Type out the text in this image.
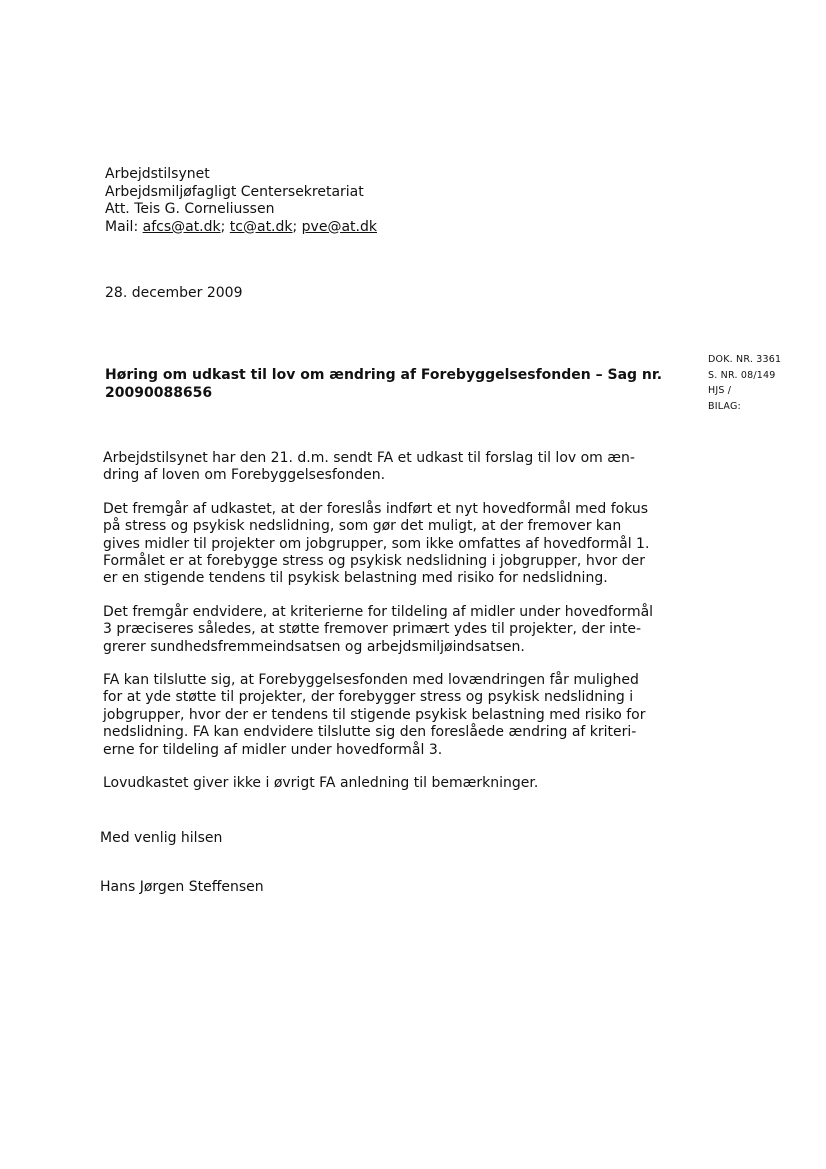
Arbejdstilsynet
Arbejdsmiljøfagligt Centersekretariat
Att. Teis G. Corneliussen
Mail: afcs@at.dk; tc@at.dk; pve@at.dk
28. december 2009
DOK. NR. 3361
S. NR. 08/149
HJS /
BILAG:
Høring om udkast til lov om ændring af Forebyggelsesfonden – Sag nr.
20090088656

Arbejdstilsynet har den 21. d.m. sendt FA et udkast til forslag til lov om æn-
dring af loven om Forebyggelsesfonden.

Det fremgår af udkastet, at der foreslås indført et nyt hovedformål med fokus
på stress og psykisk nedslidning, som gør det muligt, at der fremover kan
gives midler til projekter om jobgrupper, som ikke omfattes af hovedformål 1.
Formålet er at forebygge stress og psykisk nedslidning i jobgrupper, hvor der
er en stigende tendens til psykisk belastning med risiko for nedslidning.

Det fremgår endvidere, at kriterierne for tildeling af midler under hovedformål
3 præciseres således, at støtte fremover primært ydes til projekter, der inte-
grerer sundhedsfremmeindsatsen og arbejdsmiljøindsatsen.

FA kan tilslutte sig, at Forebyggelsesfonden med lovændringen får mulighed
for at yde støtte til projekter, der forebygger stress og psykisk nedslidning i
jobgrupper, hvor der er tendens til stigende psykisk belastning med risiko for
nedslidning. FA kan endvidere tilslutte sig den foreslåede ændring af kriteri-
erne for tildeling af midler under hovedformål 3.

Lovudkastet giver ikke i øvrigt FA anledning til bemærkninger.

Med venlig hilsen
Hans Jørgen Steffensen
